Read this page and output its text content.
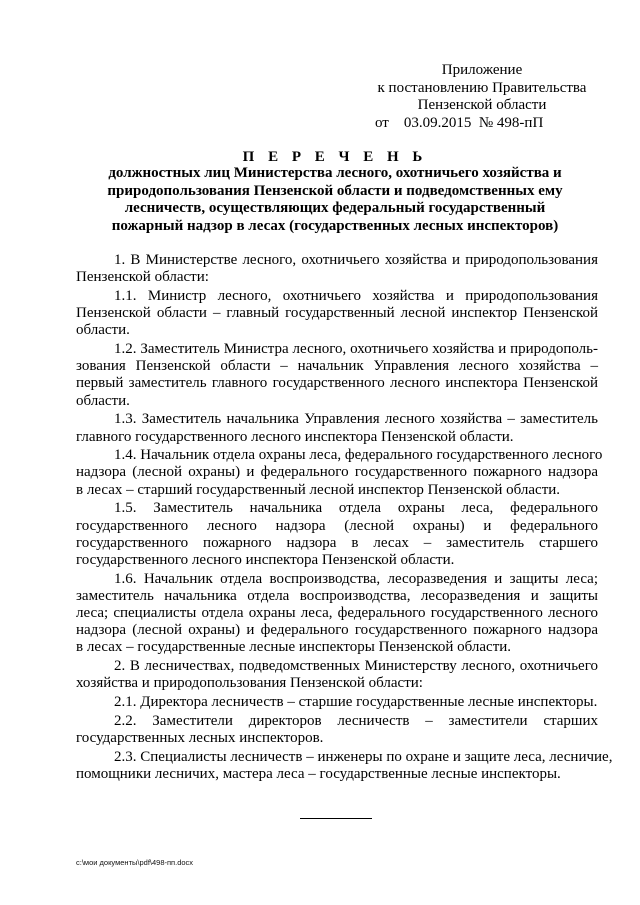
Приложение
к постановлению Правительства
Пензенской области
от 03.09.2015 № 498-пП
П Е Р Е Ч Е Н Ь
должностных лиц Министерства лесного, охотничьего хозяйства и
природопользования Пензенской области и подведомственных ему
лесничеств, осуществляющих федеральный государственный
пожарный надзор в лесах (государственных лесных инспекторов)
1. В Министерстве лесного, охотничьего хозяйства и природопользования
Пензенской области:
1.1. Министр лесного, охотничьего хозяйства и природопользования
Пензенской области – главный государственный лесной инспектор Пензенской
области.
1.2. Заместитель Министра лесного, охотничьего хозяйства и природополь-
зования Пензенской области – начальник Управления лесного хозяйства –
первый заместитель главного государственного лесного инспектора Пензенской
области.
1.3. Заместитель начальника Управления лесного хозяйства – заместитель
главного государственного лесного инспектора Пензенской области.
1.4. Начальник отдела охраны леса, федерального государственного лесного
надзора (лесной охраны) и федерального государственного пожарного надзора
в лесах – старший государственный лесной инспектор Пензенской области.
1.5. Заместитель начальника отдела охраны леса, федерального
государственного лесного надзора (лесной охраны) и федерального
государственного пожарного надзора в лесах – заместитель старшего
государственного лесного инспектора Пензенской области.
1.6. Начальник отдела воспроизводства, лесоразведения и защиты леса;
заместитель начальника отдела воспроизводства, лесоразведения и защиты
леса; специалисты отдела охраны леса, федерального государственного лесного
надзора (лесной охраны) и федерального государственного пожарного надзора
в лесах – государственные лесные инспекторы Пензенской области.
2. В лесничествах, подведомственных Министерству лесного, охотничьего
хозяйства и природопользования Пензенской области:
2.1. Директора лесничеств – старшие государственные лесные инспекторы.
2.2. Заместители директоров лесничеств – заместители старших
государственных лесных инспекторов.
2.3. Специалисты лесничеств – инженеры по охране и защите леса, лесничие,
помощники лесничих, мастера леса – государственные лесные инспекторы.
c:\мои документы\pdf\498-пп.docx
